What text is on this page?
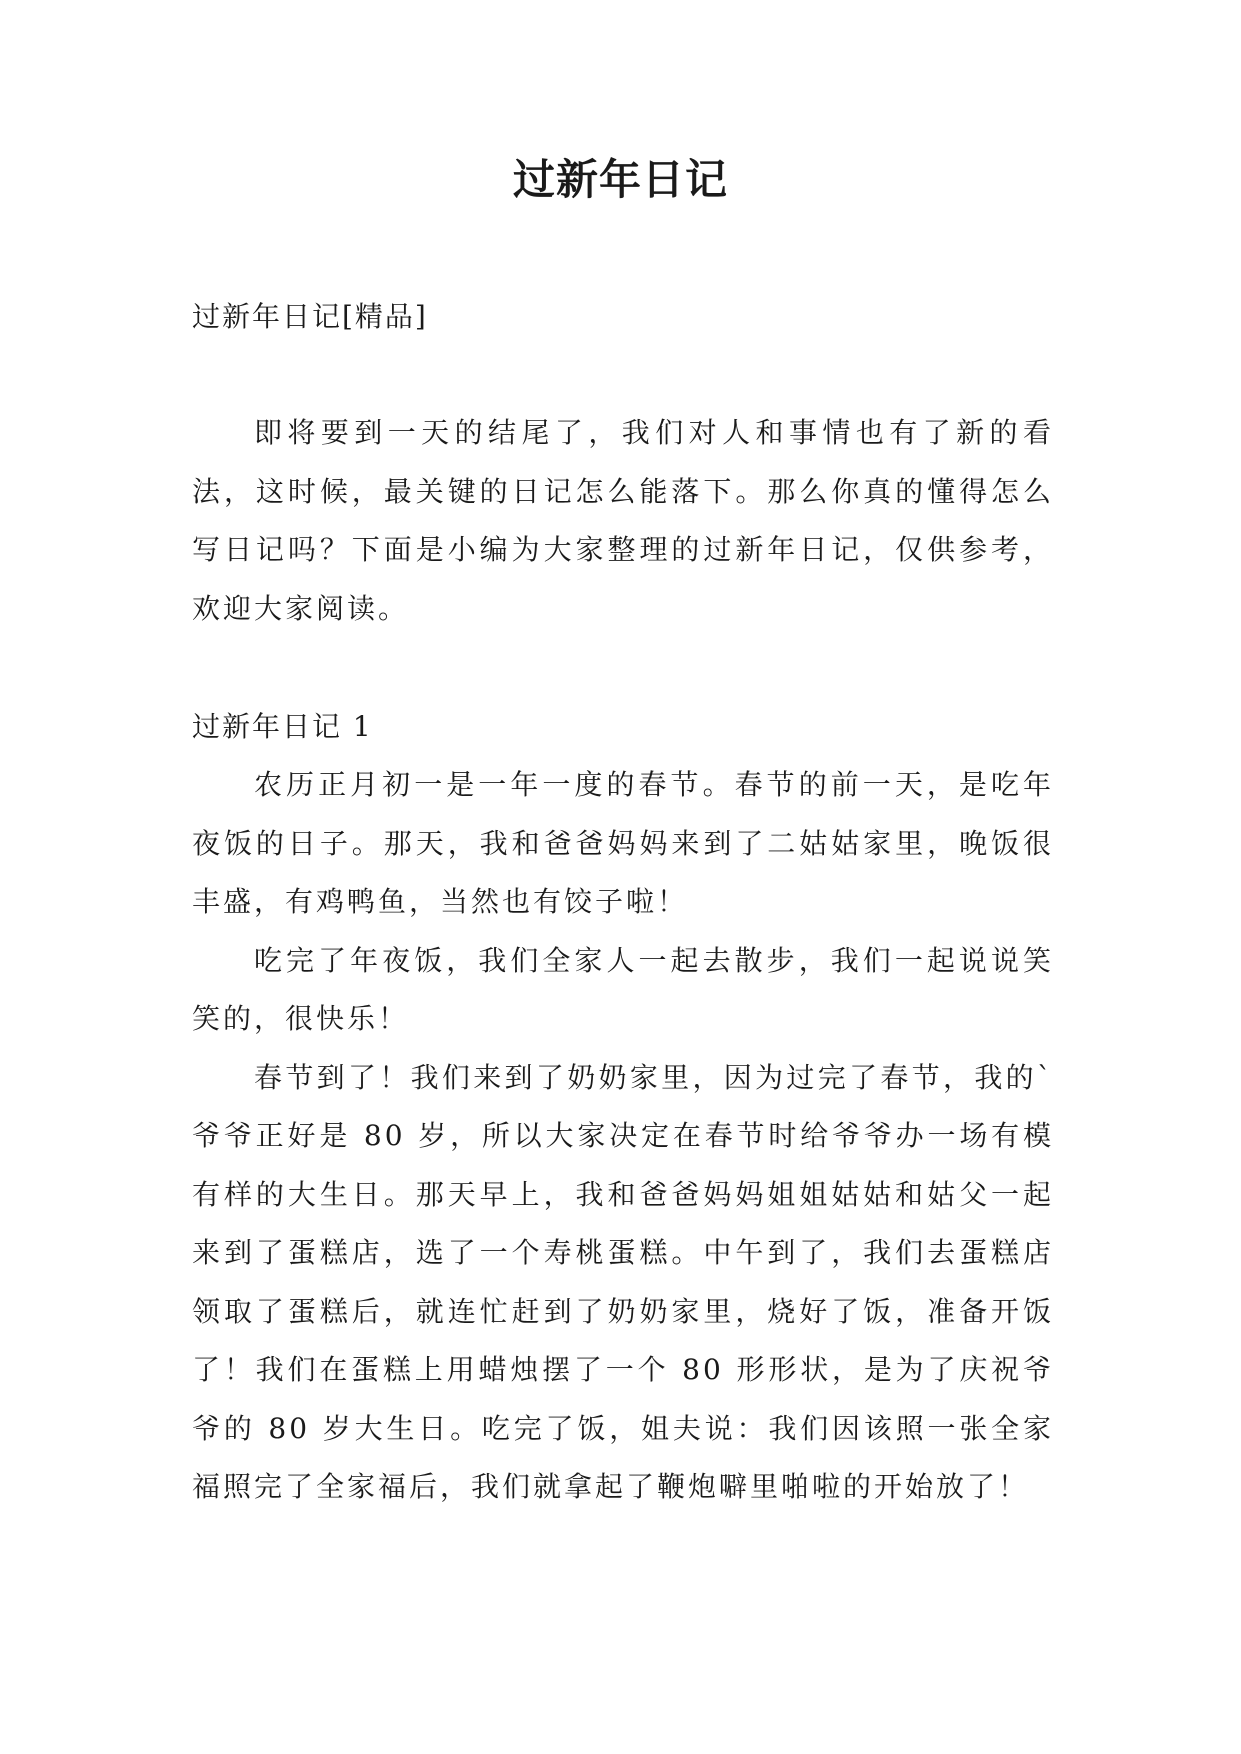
过新年日记
过新年日记[精品]

即将要到一天的结尾了，我们对人和事情也有了新的看法，这时候，最关键的日记怎么能落下。那么你真的懂得怎么写日记吗？下面是小编为大家整理的过新年日记，仅供参考，欢迎大家阅读。

过新年日记 1

农历正月初一是一年一度的春节。春节的前一天，是吃年夜饭的日子。那天，我和爸爸妈妈来到了二姑姑家里，晚饭很丰盛，有鸡鸭鱼，当然也有饺子啦！

吃完了年夜饭，我们全家人一起去散步，我们一起说说笑笑的，很快乐！

春节到了！我们来到了奶奶家里，因为过完了春节，我的`爷爷正好是 80 岁，所以大家决定在春节时给爷爷办一场有模有样的大生日。那天早上，我和爸爸妈妈姐姐姑姑和姑父一起来到了蛋糕店，选了一个寿桃蛋糕。中午到了，我们去蛋糕店领取了蛋糕后，就连忙赶到了奶奶家里，烧好了饭，准备开饭了！我们在蛋糕上用蜡烛摆了一个 80 形形状，是为了庆祝爷爷的 80 岁大生日。吃完了饭，姐夫说：我们因该照一张全家福照完了全家福后，我们就拿起了鞭炮噼里啪啦的开始放了！
